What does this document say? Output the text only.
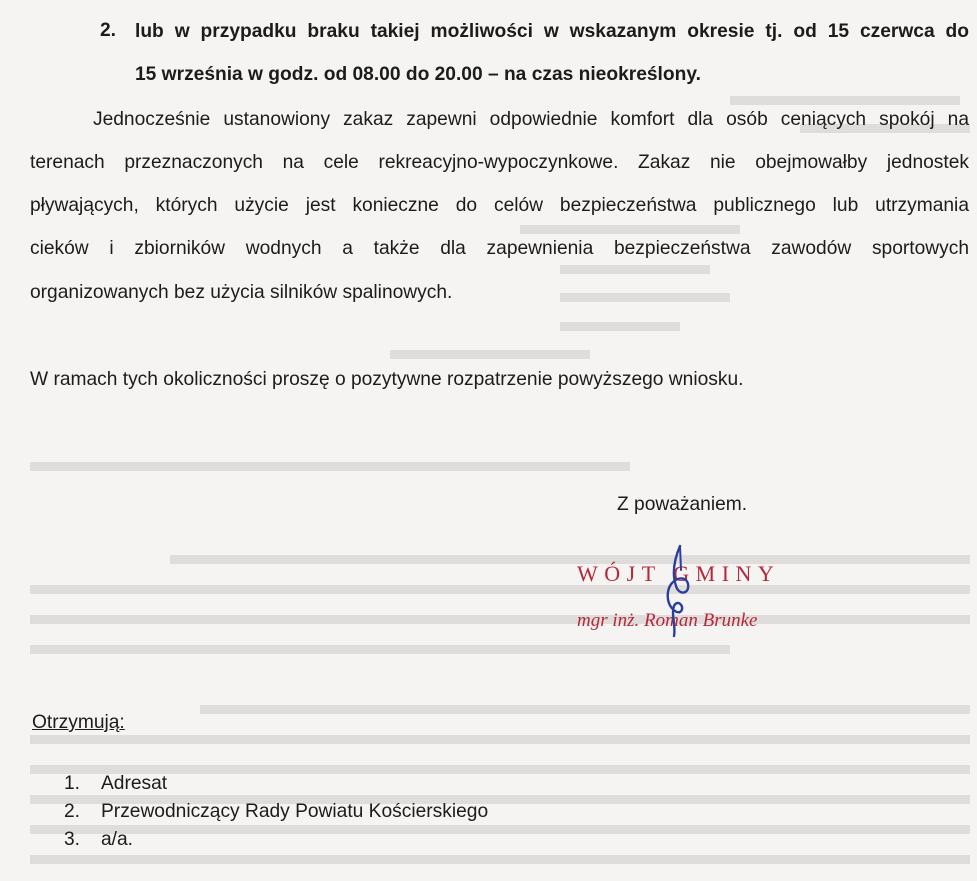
2. lub w przypadku braku takiej możliwości w wskazanym okresie tj. od 15 czerwca do
15 września w godz. od 08.00 do 20.00 – na czas nieokreślony.
Jednocześnie ustanowiony zakaz zapewni odpowiednie komfort dla osób ceniących spokój na
terenach przeznaczonych na cele rekreacyjno-wypoczynkowe. Zakaz nie obejmowałby jednostek
pływających, których użycie jest konieczne do celów bezpieczeństwa publicznego lub utrzymania
cieków i zbiorników wodnych a także dla zapewnienia bezpieczeństwa zawodów sportowych
organizowanych bez użycia silników spalinowych.
W ramach tych okoliczności proszę o pozytywne rozpatrzenie powyższego wniosku.
Z poważaniem.
WÓJT GMINY
mgr inż. Roman Brunke
Otrzymują:
1. Adresat
2. Przewodniczący Rady Powiatu Kościerskiego
3. a/a.
